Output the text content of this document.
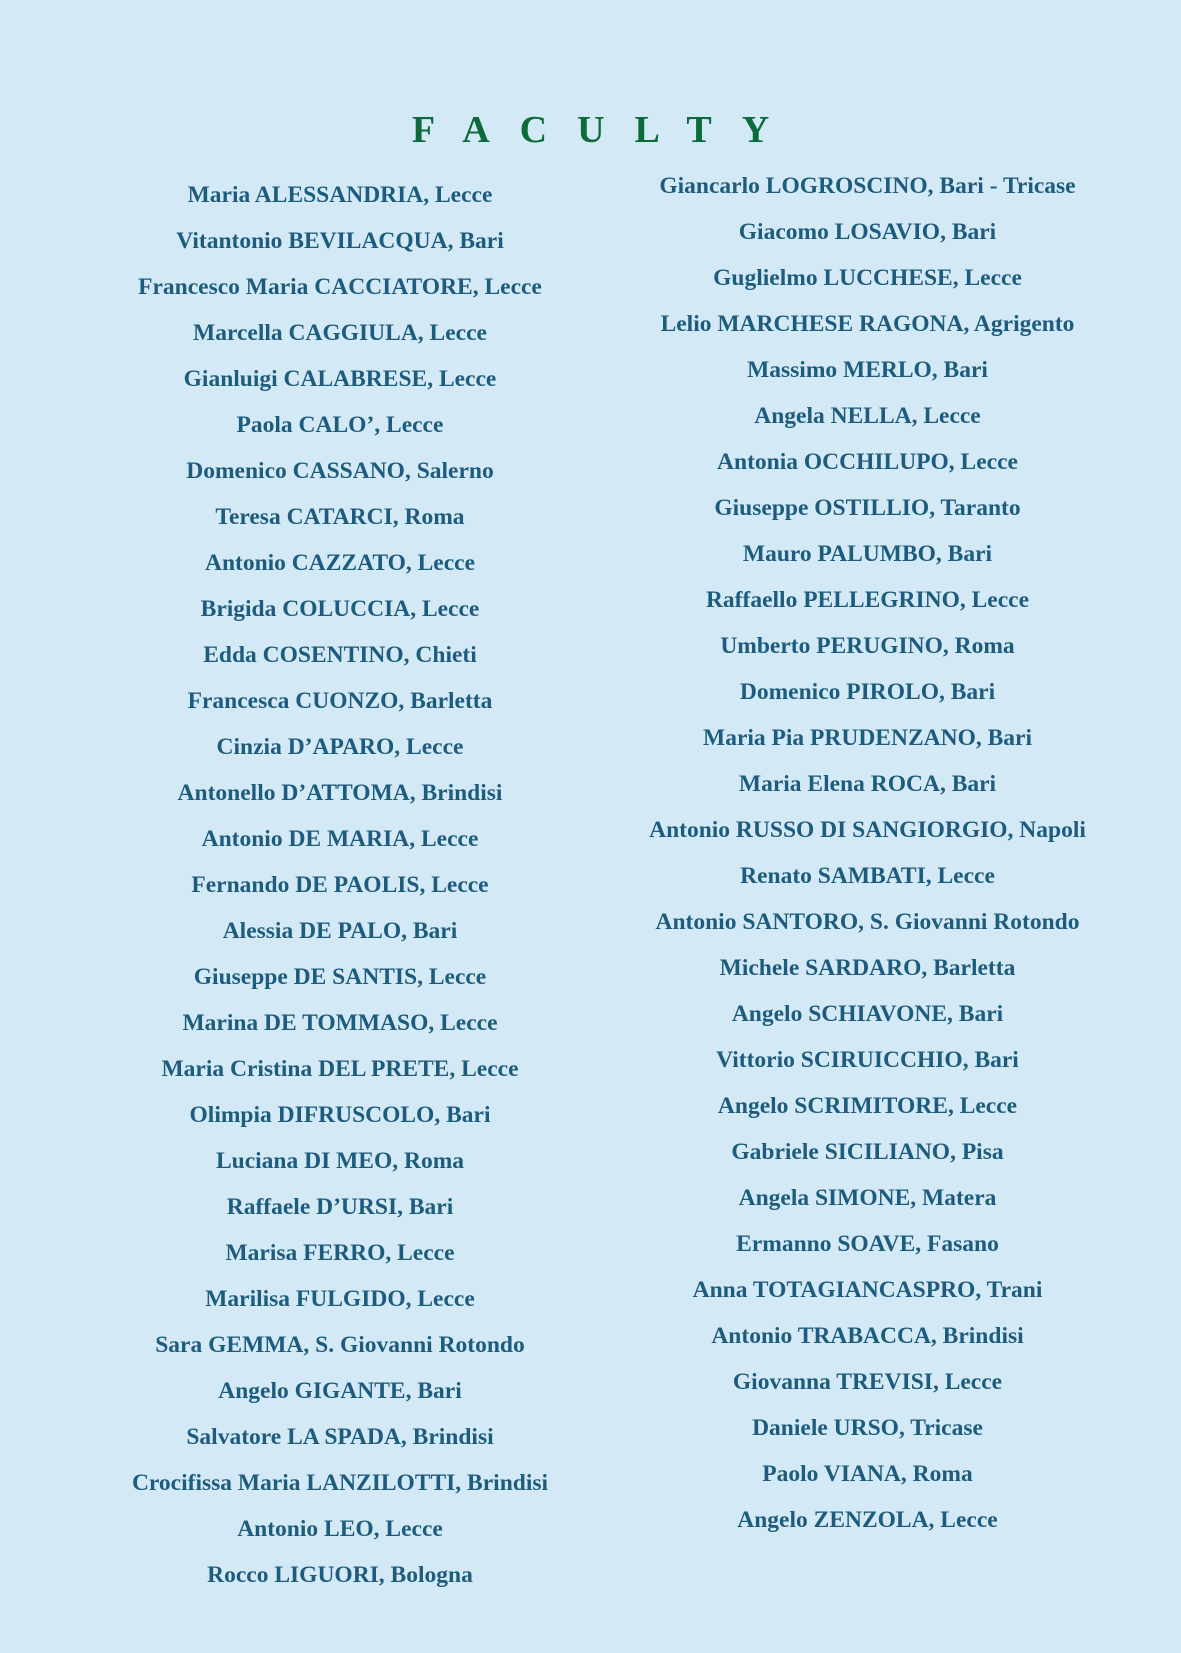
FACULTY
Maria ALESSANDRIA, Lecce
Vitantonio BEVILACQUA, Bari
Francesco Maria CACCIATORE, Lecce
Marcella CAGGIULA, Lecce
Gianluigi CALABRESE, Lecce
Paola CALO’, Lecce
Domenico CASSANO, Salerno
Teresa CATARCI, Roma
Antonio CAZZATO, Lecce
Brigida COLUCCIA, Lecce
Edda COSENTINO, Chieti
Francesca CUONZO, Barletta
Cinzia D’APARO, Lecce
Antonello D’ATTOMA, Brindisi
Antonio DE MARIA, Lecce
Fernando DE PAOLIS, Lecce
Alessia DE PALO, Bari
Giuseppe DE SANTIS, Lecce
Marina DE TOMMASO, Lecce
Maria Cristina DEL PRETE, Lecce
Olimpia DIFRUSCOLO, Bari
Luciana DI MEO, Roma
Raffaele D’URSI, Bari
Marisa FERRO, Lecce
Marilisa FULGIDO, Lecce
Sara GEMMA, S. Giovanni Rotondo
Angelo GIGANTE, Bari
Salvatore LA SPADA, Brindisi
Crocifissa Maria LANZILOTTI, Brindisi
Antonio LEO, Lecce
Rocco LIGUORI, Bologna
Giancarlo LOGROSCINO, Bari - Tricase
Giacomo LOSAVIO, Bari
Guglielmo LUCCHESE, Lecce
Lelio MARCHESE RAGONA, Agrigento
Massimo MERLO, Bari
Angela NELLA, Lecce
Antonia OCCHILUPO, Lecce
Giuseppe OSTILLIO, Taranto
Mauro PALUMBO, Bari
Raffaello PELLEGRINO, Lecce
Umberto PERUGINO, Roma
Domenico PIROLO, Bari
Maria Pia PRUDENZANO, Bari
Maria Elena ROCA, Bari
Antonio RUSSO DI SANGIORGIO, Napoli
Renato SAMBATI, Lecce
Antonio SANTORO, S. Giovanni Rotondo
Michele SARDARO, Barletta
Angelo SCHIAVONE, Bari
Vittorio SCIRUICCHIO, Bari
Angelo SCRIMITORE, Lecce
Gabriele SICILIANO, Pisa
Angela SIMONE, Matera
Ermanno SOAVE, Fasano
Anna TOTAGIANCASPRO, Trani
Antonio TRABACCA, Brindisi
Giovanna TREVISI, Lecce
Daniele URSO, Tricase
Paolo VIANA, Roma
Angelo ZENZOLA, Lecce
